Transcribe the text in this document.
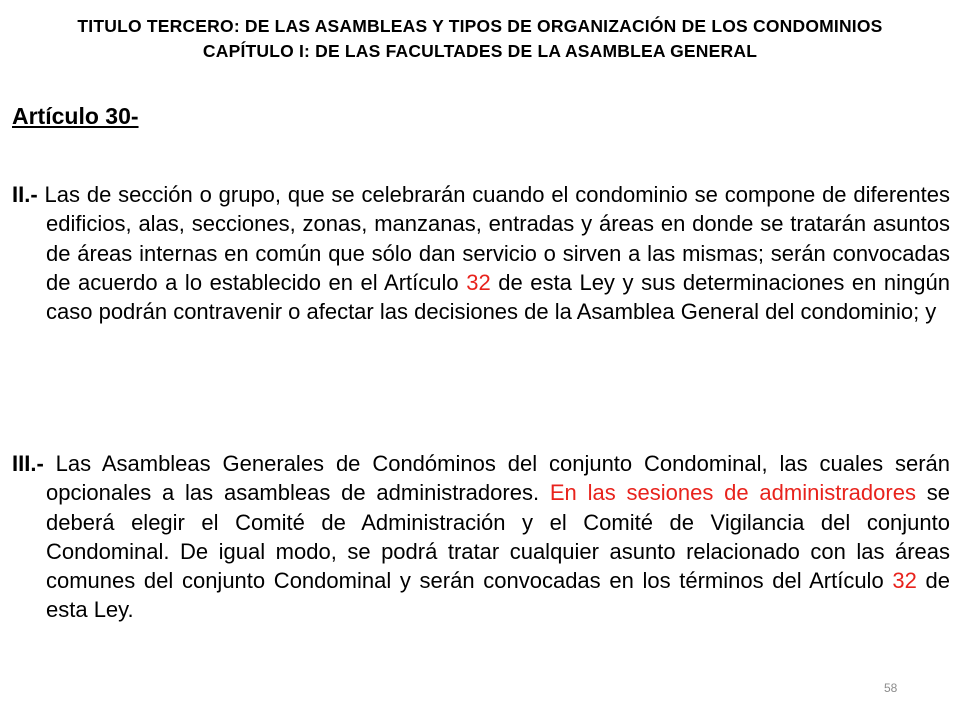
TITULO TERCERO: DE LAS ASAMBLEAS Y TIPOS DE ORGANIZACIÓN DE LOS CONDOMINIOS
CAPÍTULO I: DE LAS FACULTADES DE LA ASAMBLEA GENERAL
Artículo 30-
II.- Las de sección o grupo, que se celebrarán cuando el condominio se compone de diferentes edificios, alas, secciones, zonas, manzanas, entradas y áreas en donde se tratarán asuntos de áreas internas en común que sólo dan servicio o sirven a las mismas; serán convocadas de acuerdo a lo establecido en el Artículo 32 de esta Ley y sus determinaciones en ningún caso podrán contravenir o afectar las decisiones de la Asamblea General del condominio; y
III.- Las Asambleas Generales de Condóminos del conjunto Condominal, las cuales serán opcionales a las asambleas de administradores. En las sesiones de administradores se deberá elegir el Comité de Administración y el Comité de Vigilancia del conjunto Condominal. De igual modo, se podrá tratar cualquier asunto relacionado con las áreas comunes del conjunto Condominal y serán convocadas en los términos del Artículo 32 de esta Ley.
58
